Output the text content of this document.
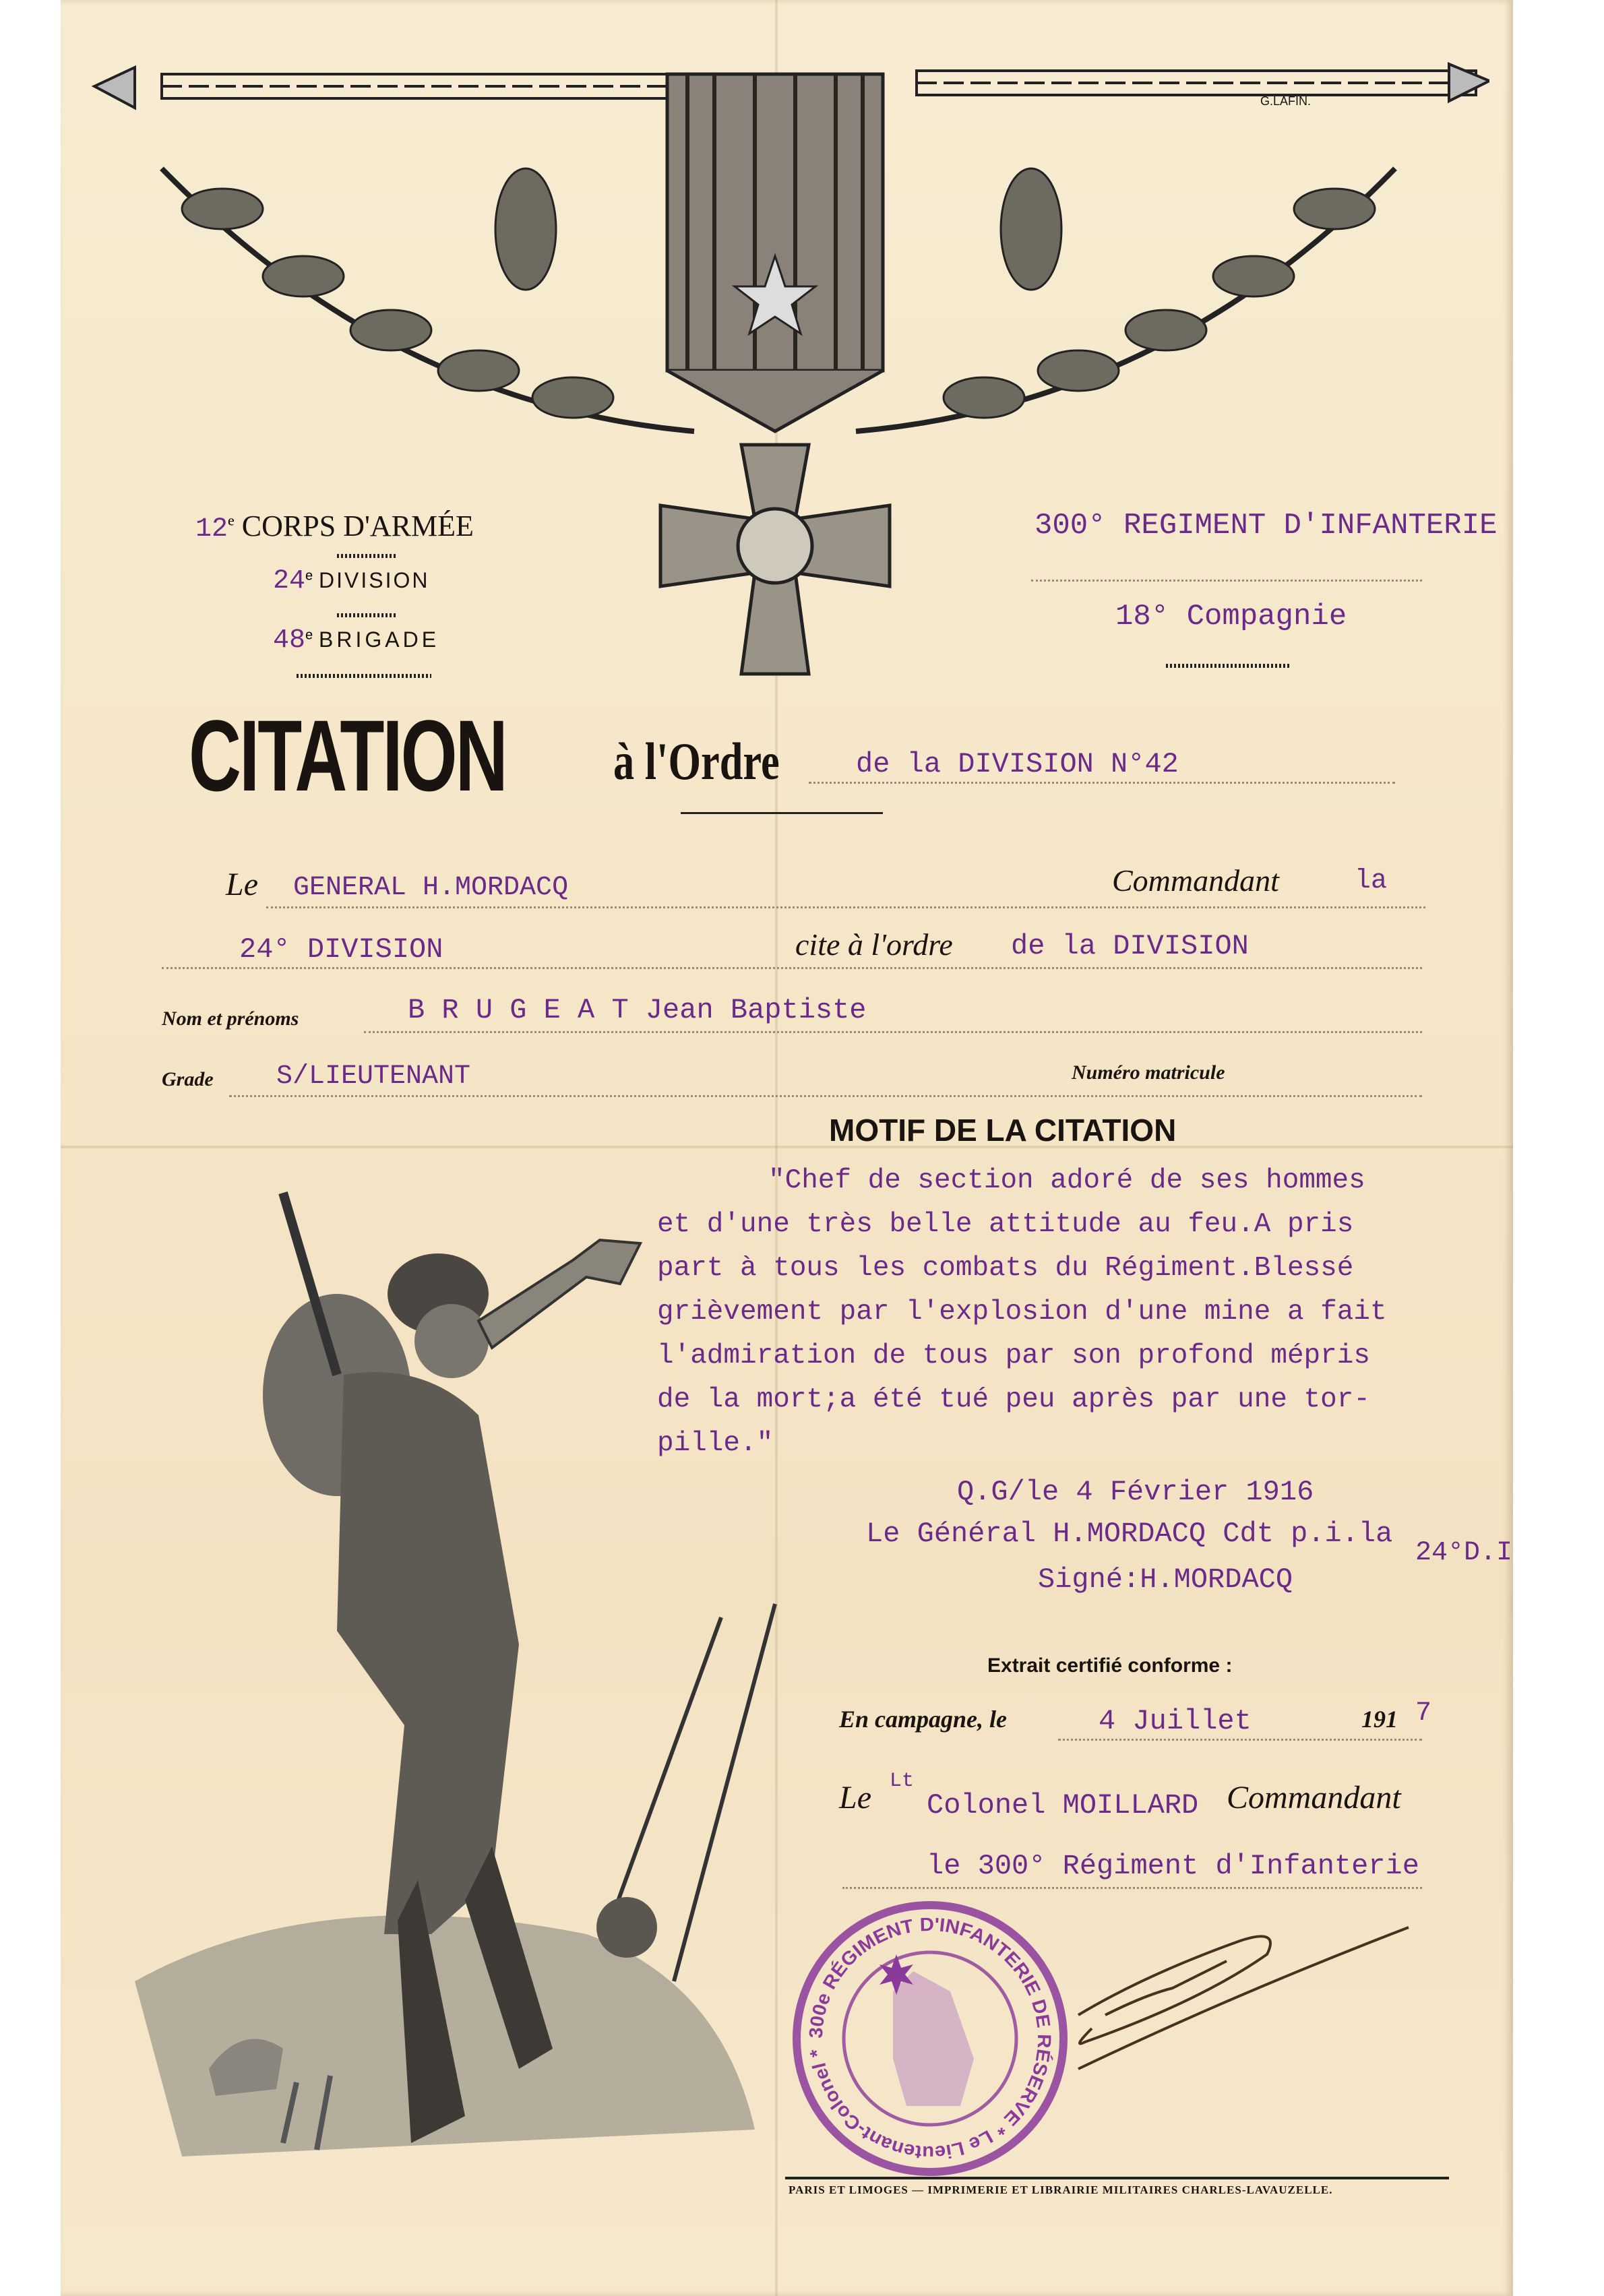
G.LAFIN.
12e CORPS D'ARMÉE
24e DIVISION
48e BRIGADE
300° REGIMENT D'INFANTERIE
18° Compagnie
CITATION à l'Ordre	de la DIVISION N°42
Le GENERAL H.MORDACQ	Commandant	la
24° DIVISION	cite à l'ordre de la DIVISION
Nom et prénoms	B R U G E A T Jean Baptiste
Grade S/LIEUTENANT	Numéro matricule
MOTIF DE LA CITATION
"Chef de section adoré de ses hommes
et d'une très belle attitude au feu.A pris
part à tous les combats du Régiment.Blessé
grièvement par l'explosion d'une mine a fait
l'admiration de tous par son profond mépris
de la mort;a été tué peu après par une tor-
pille."
Q.G/le 4 Février 1916
Le Général H.MORDACQ Cdt p.i.la
24°D.I
Signé:H.MORDACQ
Extrait certifié conforme :
En campagne, le	4 Juillet	191 7
Le Lt
Colonel MOILLARD Commandant
le 300° Régiment d'Infanterie
300e RÉGIMENT D'INFANTERIE DE RÉSERVE * Le Lieutenant-Colonel *
PARIS ET LIMOGES — IMPRIMERIE ET LIBRAIRIE MILITAIRES CHARLES-LAVAUZELLE.
